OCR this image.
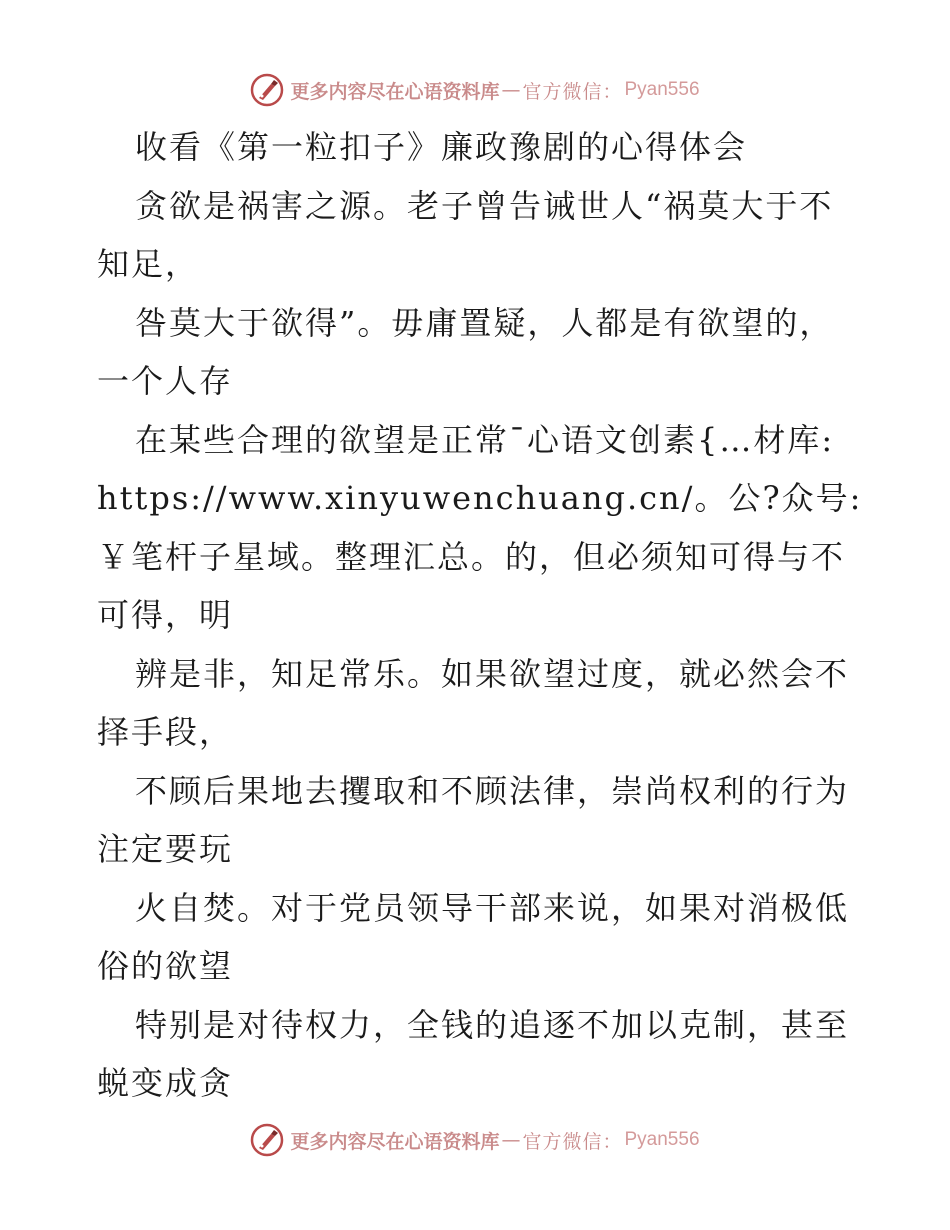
更多内容尽在心语资料库 — 官方微信： Pyan556
收看《第一粒扣子》廉政豫剧的心得体会
贪欲是祸害之源。老子曾告诫世人“祸莫大于不
知足，
咎莫大于欲得”。毋庸置疑，人都是有欲望的，
一个人存
在某些合理的欲望是正常¯心语文创素{…材库:
https://www.xinyuwenchuang.cn/。公?众号:
￥笔杆子星域。整理汇总。的，但必须知可得与不
可得，明
辨是非，知足常乐。如果欲望过度，就必然会不
择手段，
不顾后果地去攫取和不顾法律，崇尚权利的行为
注定要玩
火自焚。对于党员领导干部来说，如果对消极低
俗的欲望
特别是对待权力，全钱的追逐不加以克制，甚至
蜕变成贪
更多内容尽在心语资料库 — 官方微信： Pyan556
